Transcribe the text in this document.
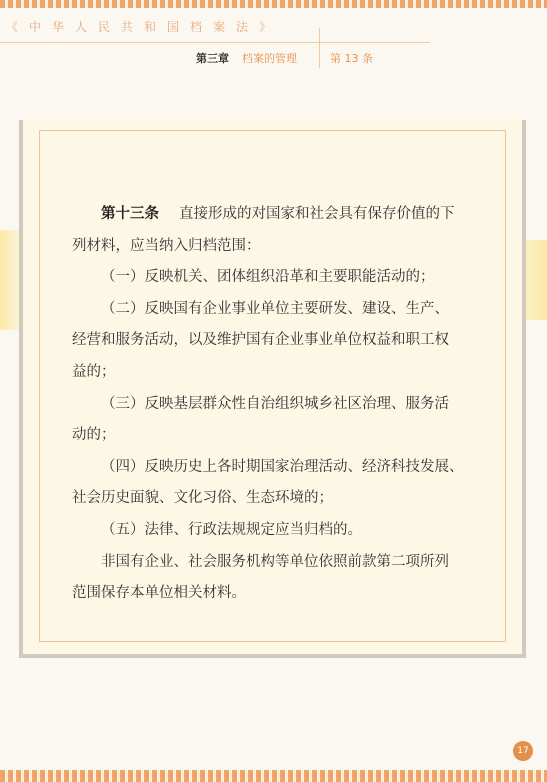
《中华人民共和国档案法》
第三章 档案的管理	第 13 条
第十三条 直接形成的对国家和社会具有保存价值的下
列材料，应当纳入归档范围：
（一）反映机关、团体组织沿革和主要职能活动的；
（二）反映国有企业事业单位主要研发、建设、生产、
经营和服务活动，以及维护国有企业事业单位权益和职工权
益的；
（三）反映基层群众性自治组织城乡社区治理、服务活
动的；
（四）反映历史上各时期国家治理活动、经济科技发展、
社会历史面貌、文化习俗、生态环境的；
（五）法律、行政法规规定应当归档的。
非国有企业、社会服务机构等单位依照前款第二项所列
范围保存本单位相关材料。
17
